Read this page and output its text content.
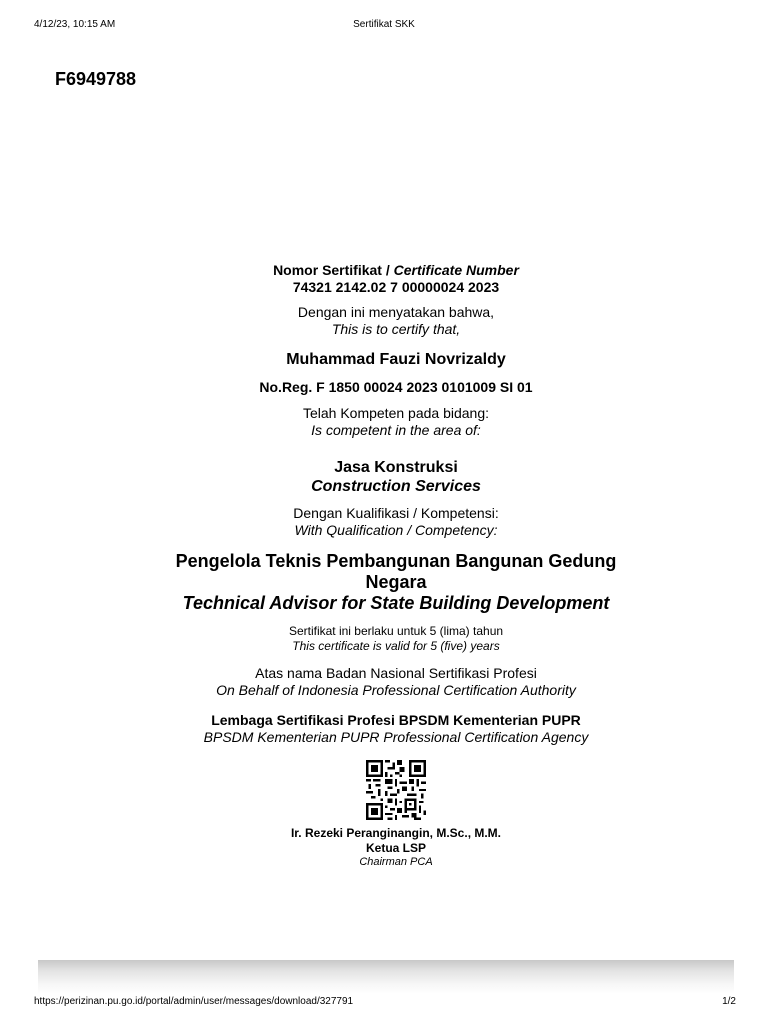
4/12/23, 10:15 AM	Sertifikat SKK
F6949788
Nomor Sertifikat / Certificate Number
74321 2142.02 7 00000024 2023
Dengan ini menyatakan bahwa,
This is to certify that,
Muhammad Fauzi Novrizaldy
No.Reg. F 1850 00024 2023 0101009 SI 01
Telah Kompeten pada bidang:
Is competent in the area of:
Jasa Konstruksi
Construction Services
Dengan Kualifikasi / Kompetensi:
With Qualification / Competency:
Pengelola Teknis Pembangunan Bangunan Gedung
Negara
Technical Advisor for State Building Development
Sertifikat ini berlaku untuk 5 (lima) tahun
This certificate is valid for 5 (five) years
Atas nama Badan Nasional Sertifikasi Profesi
On Behalf of Indonesia Professional Certification Authority
Lembaga Sertifikasi Profesi BPSDM Kementerian PUPR
BPSDM Kementerian PUPR Professional Certification Agency
Ir. Rezeki Peranginangin, M.Sc., M.M.
Ketua LSP
Chairman PCA
https://perizinan.pu.go.id/portal/admin/user/messages/download/327791	1/2
